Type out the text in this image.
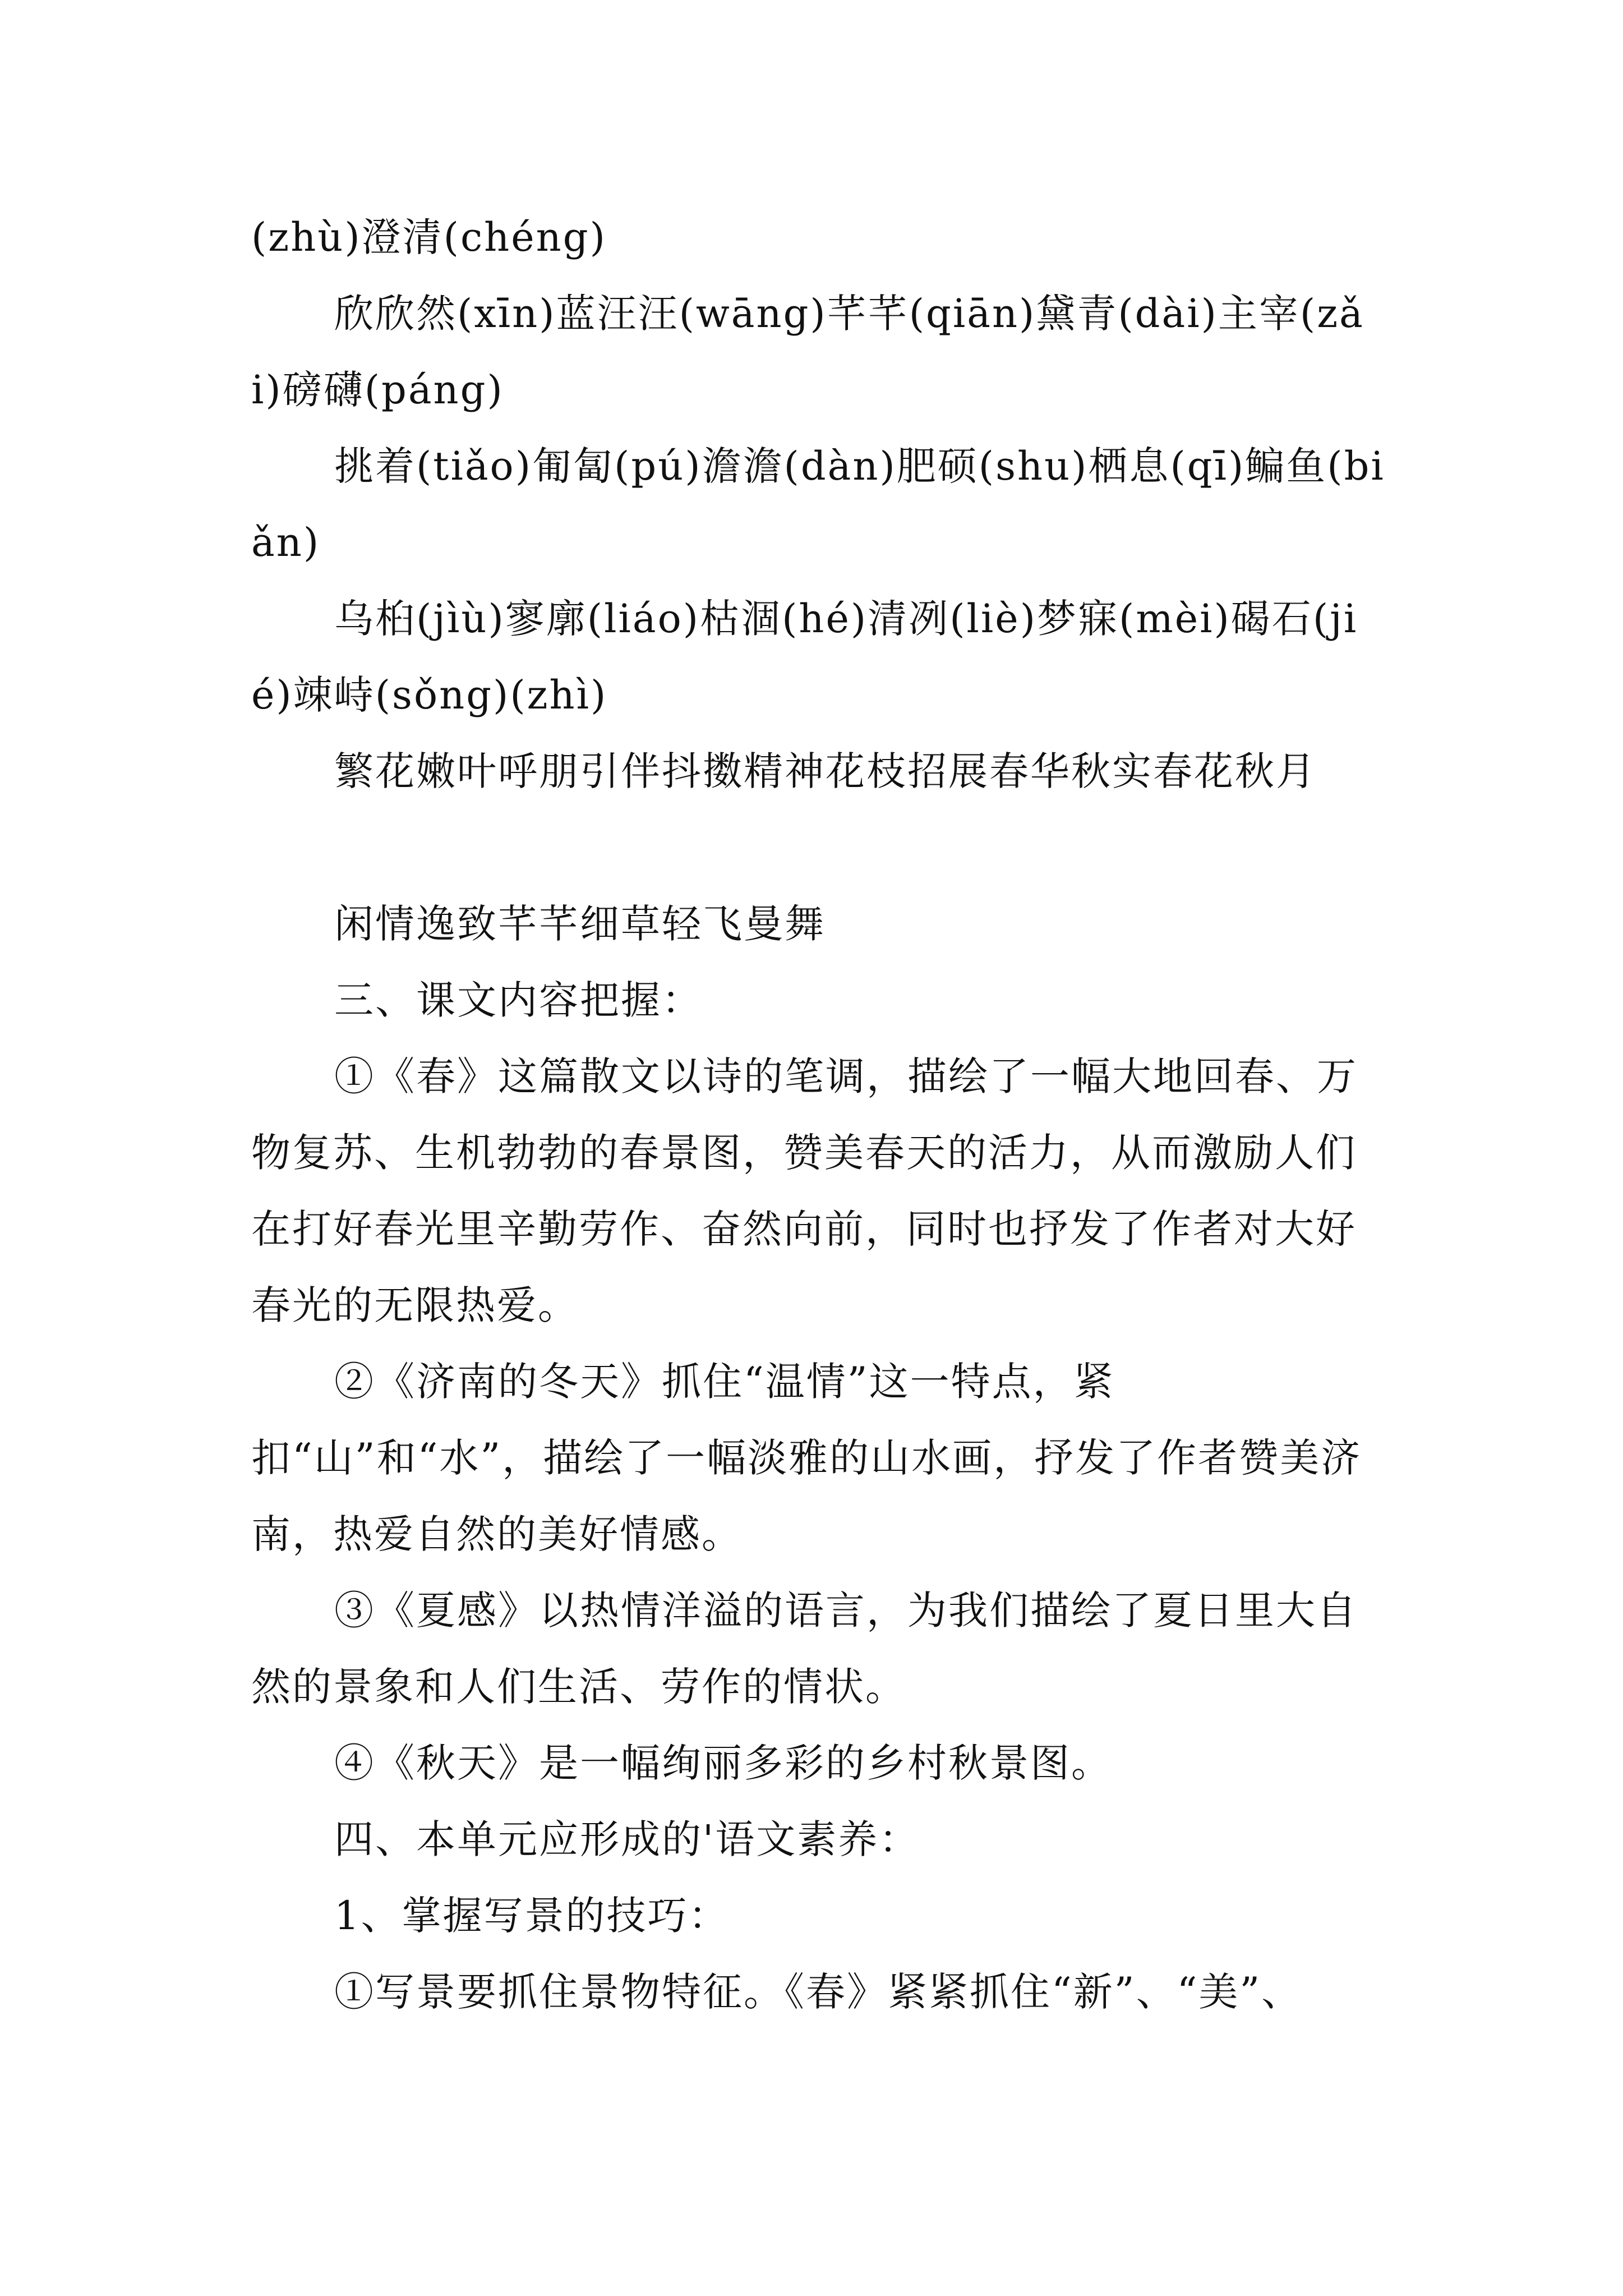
(zhù)澄清(chéng)

欣欣然(xīn)蓝汪汪(wāng)芊芊(qiān)黛青(dài)主宰(zǎi)磅礴(páng)

挑着(tiǎo)匍匐(pú)澹澹(dàn)肥硕(shu)栖息(qī)鳊鱼(biǎn)

乌桕(jìù)寥廓(liáo)枯涸(hé)清冽(liè)梦寐(mèi)碣石(jié)竦峙(sǒng)(zhì)

繁花嫩叶呼朋引伴抖擞精神花枝招展春华秋实春花秋月

闲情逸致芊芊细草轻飞曼舞

三、课文内容把握：

①《春》这篇散文以诗的笔调，描绘了一幅大地回春、万物复苏、生机勃勃的春景图，赞美春天的活力，从而激励人们在打好春光里辛勤劳作、奋然向前，同时也抒发了作者对大好春光的无限热爱。

②《济南的冬天》抓住“温情”这一特点，紧扣“山”和“水”，描绘了一幅淡雅的山水画，抒发了作者赞美济南，热爱自然的美好情感。

③《夏感》以热情洋溢的语言，为我们描绘了夏日里大自然的景象和人们生活、劳作的情状。

④《秋天》是一幅绚丽多彩的乡村秋景图。

四、本单元应形成的'语文素养：

1、掌握写景的技巧：

①写景要抓住景物特征。《春》紧紧抓住“新”、“美”、
